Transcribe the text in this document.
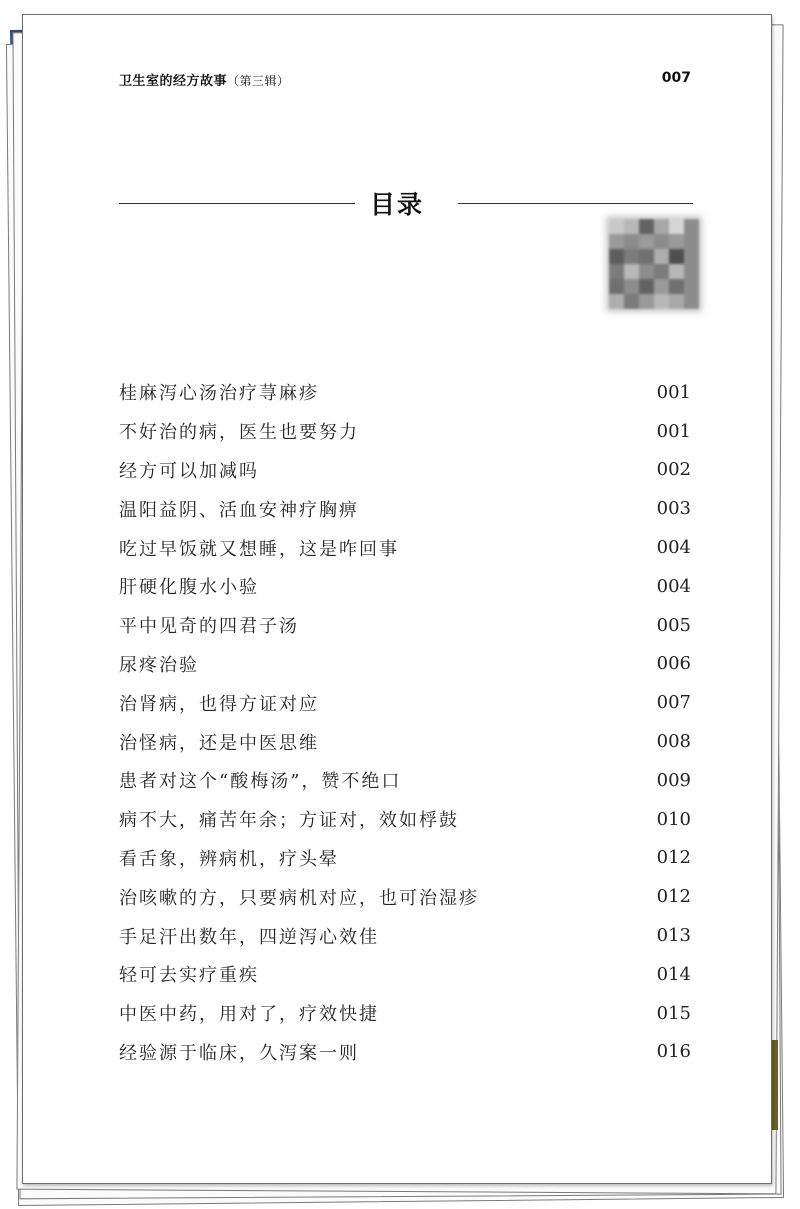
卫生室的经方故事（第三辑）	007
目录
桂麻泻心汤治疗荨麻疹	001
不好治的病，医生也要努力	001
经方可以加减吗	002
温阳益阴、活血安神疗胸痹	003
吃过早饭就又想睡，这是咋回事	004
肝硬化腹水小验	004
平中见奇的四君子汤	005
尿疼治验	006
治肾病，也得方证对应	007
治怪病，还是中医思维	008
患者对这个“酸梅汤”，赞不绝口	009
病不大，痛苦年余；方证对，效如桴鼓	010
看舌象，辨病机，疗头晕	012
治咳嗽的方，只要病机对应，也可治湿疹	012
手足汗出数年，四逆泻心效佳	013
轻可去实疗重疾	014
中医中药，用对了，疗效快捷	015
经验源于临床，久泻案一则	016
